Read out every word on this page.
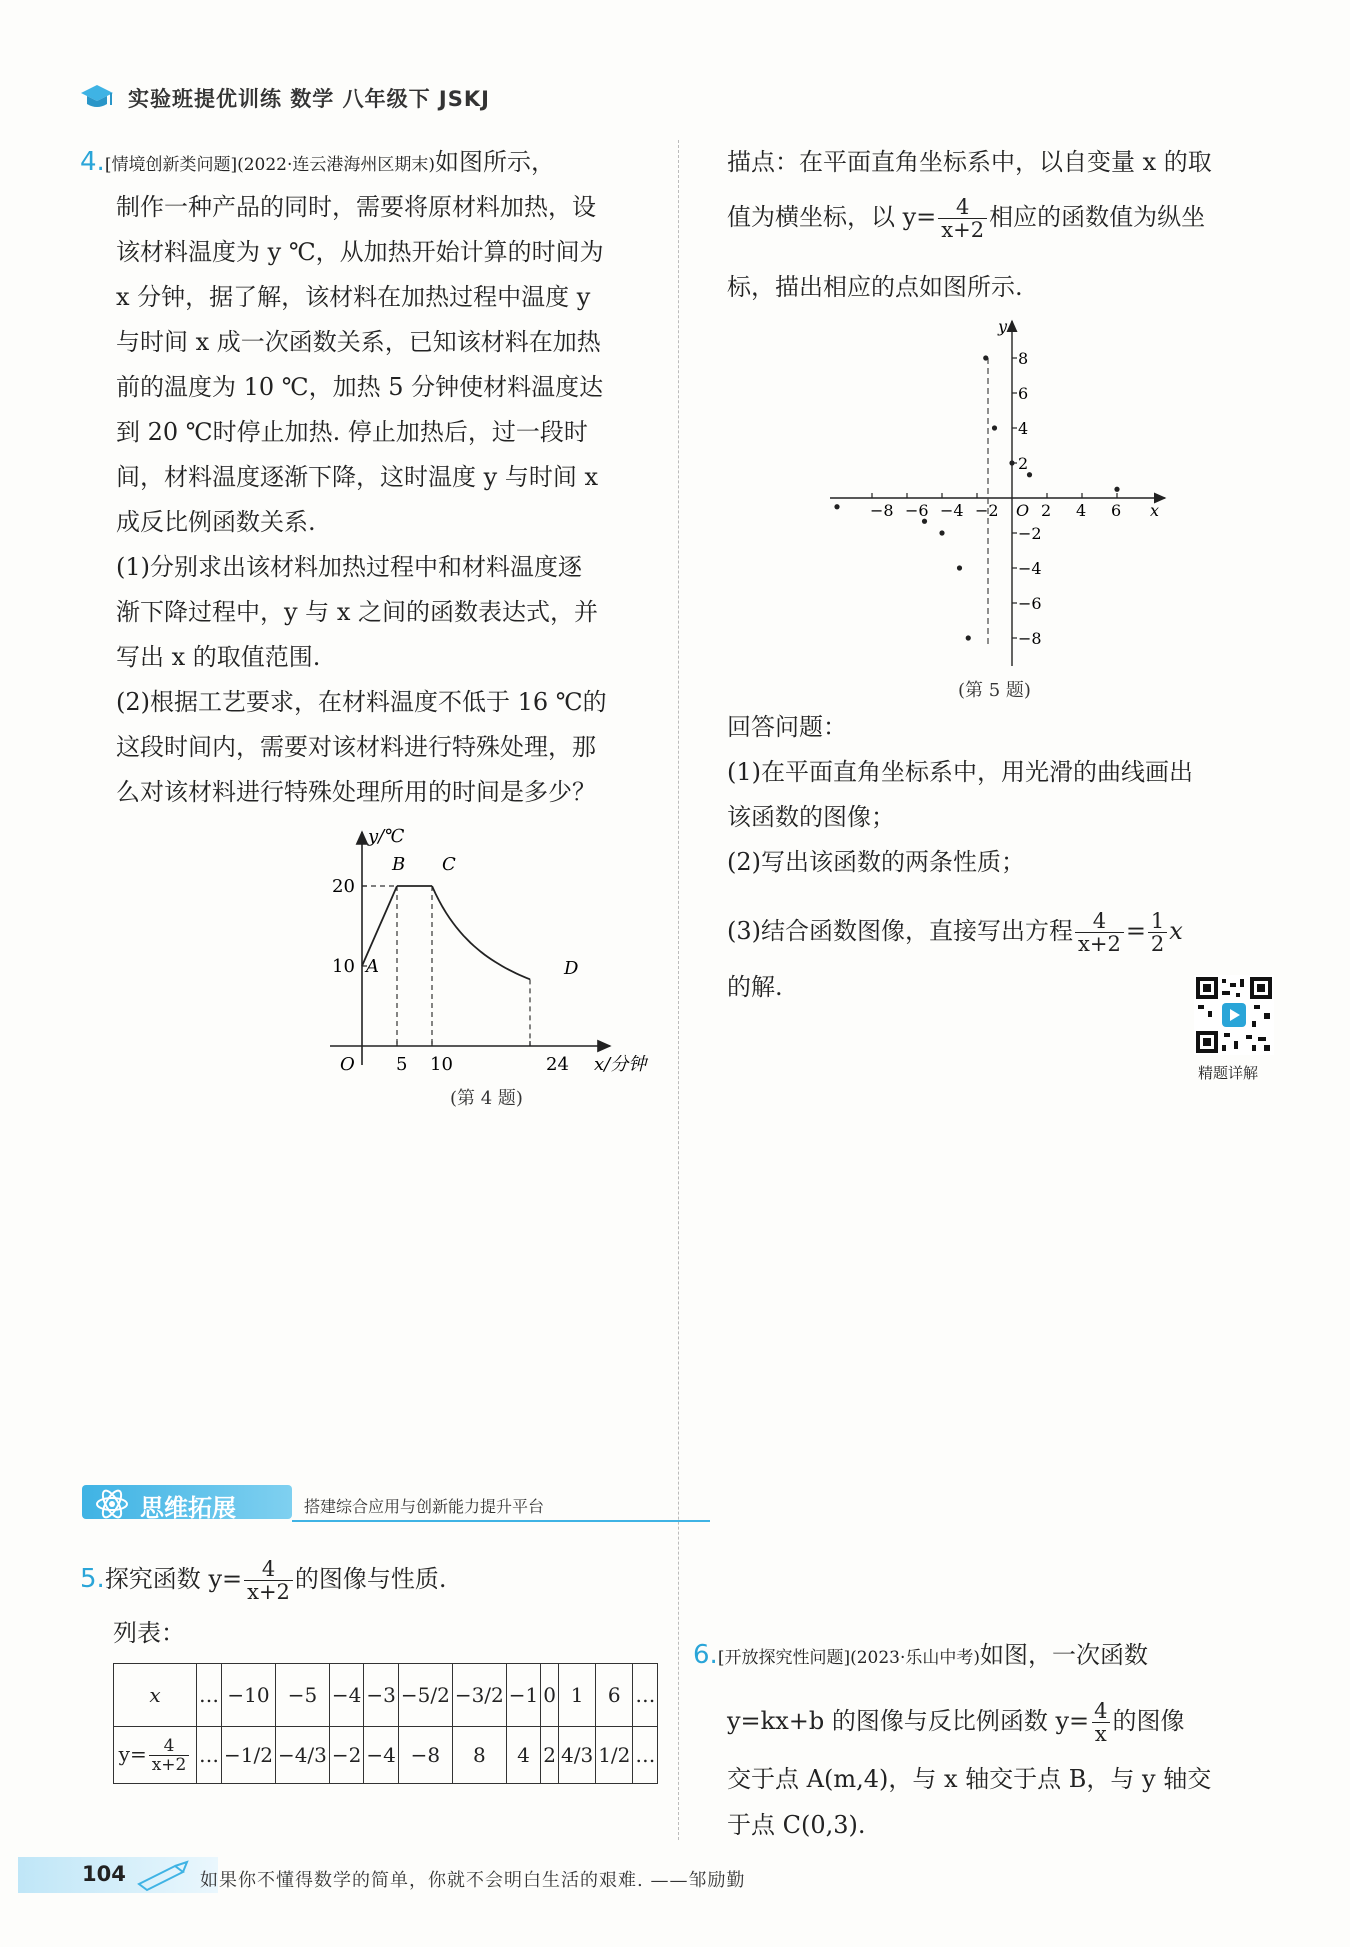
实验班提优训练 数学 八年级下 JSKJ
4.[情境创新类问题](2022·连云港海州区期末)如图所示，
制作一种产品的同时，需要将原材料加热，设
该材料温度为 y ℃，从加热开始计算的时间为
x 分钟，据了解，该材料在加热过程中温度 y
与时间 x 成一次函数关系，已知该材料在加热
前的温度为 10 ℃，加热 5 分钟使材料温度达
到 20 ℃时停止加热. 停止加热后，过一段时
间，材料温度逐渐下降，这时温度 y 与时间 x
成反比例函数关系.
(1)分别求出该材料加热过程中和材料温度逐
渐下降过程中，y 与 x 之间的函数表达式，并
写出 x 的取值范围.
(2)根据工艺要求，在材料温度不低于 16 ℃的
这段时间内，需要对该材料进行特殊处理，那
么对该材料进行特殊处理所用的时间是多少？
y/℃
x/分钟
O
20
10
5 10	24
A
B C
D
(第 4 题)
描点：在平面直角坐标系中，以自变量 x 的取
值为横坐标，以 $y= \frac{4}{x+2}$ 相应的函数值为纵坐
标，描出相应的点如图所示.
x
y
O
−8 −6 −4 −2	2 4 6
8
6
4
2
−2
−4
−6
−8
(第 5 题)
回答问题：
(1)在平面直角坐标系中，用光滑的曲线画出
该函数的图像；
(2)写出该函数的两条性质；
(3)结合函数图像，直接写出方程 $\frac{4}{x+2} = \frac{1}{2}$ x
的解.
精题详解
思维拓展	搭建综合应用与创新能力提升平台
5.探究函数 $y= \frac{4}{x+2}$ 的图像与性质.
列表：
x	…	−10	−5	−4	−3	−5/2	−3/2	−1	0	1	6	…
$y= \frac{4}{x+2}$	…	−1/2	−4/3	−2	−4	−8	8	4	2	4/3	1/2	…
6.[开放探究性问题](2023·乐山中考)如图，一次函数
y=kx+b 的图像与反比例函数 $y= \frac{4}{x}$ 的图像
交于点 A(m,4)，与 x 轴交于点 B，与 y 轴交
于点 C(0,3).
104	如果你不懂得数学的简单，你就不会明白生活的艰难. ——邹励勤
